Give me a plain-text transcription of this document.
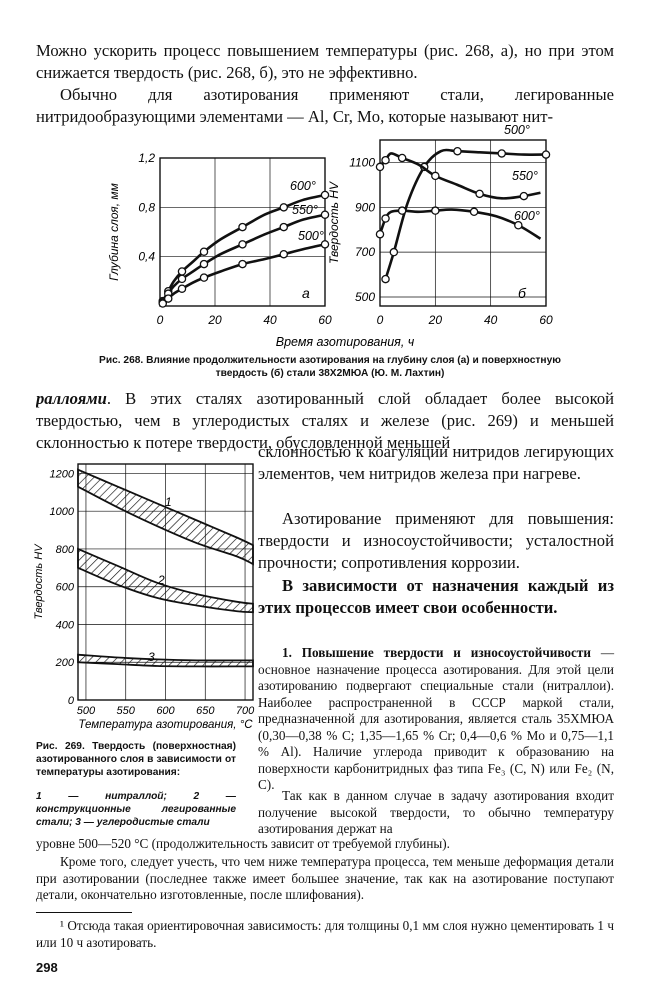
Можно ускорить процесс повышением температуры (рис. 268, а), но при этом снижается твердость (рис. 268, б), это не эффективно.

Обычно для азотирования применяют стали, легированные нитридообразующими элементами — Al, Cr, Mo, которые называют нит-

0	20	40	60
0,4
0,8
1,2
Глубина слоя, мм	600°
550°
500°
а
0	20	40	60
500
700
900
1100
Твердость HV
500°
550°
600°
б
Время азотирования, ч

Рис. 268. Влияние продолжительности азотирования на глубину слоя (а) и поверхностную твердость (б) стали 38Х2МЮА (Ю. М. Лахтин)

раллоями. В этих сталях азотированный слой обладает более высокой твердостью, чем в углеродистых сталях и железе (рис. 269) и меньшей склонностью к потере твердости, обусловленной меньшей

500 550 600 650 700
0
200
400
600
800
1000
1200
Твердость HV
Температура азотирования, °С
1
2
3

Рис. 269. Твердость (поверхностная) азотированного слоя в зависимости от температуры азотирования:

1 — нитраллой; 2 — конструкционные легированные стали; 3 — углеродистые стали

склонностью к коагуляции нитридов легирующих элементов, чем нитридов железа при нагреве.

Азотирование применяют для повышения: твердости и износоустойчивости; усталостной прочности; сопротивления коррозии.

В зависимости от назначения каждый из этих процессов имеет свои особенности.

1. Повышение твердости и износоустойчивости — основное назначение процесса азотирования. Для этой цели азотированию подвергают специальные стали (нитраллои). Наиболее распространенной в СССР маркой стали, предназначенной для азотирования, является сталь 35ХМЮА (0,30—0,38 % С; 1,35—1,65 % Cr; 0,4—0,6 % Mo и 0,75—1,1 % Al). Наличие углерода приводит к образованию на поверхности карбонитридных фаз типа Fe₃ (C, N) или Fe₂ (N, C).

Так как в данном случае в задачу азотирования входит получение высокой твердости, то обычно температуру азотирования держат на

уровне 500—520 °С (продолжительность зависит от требуемой глубины).

Кроме того, следует учесть, что чем ниже температура процесса, тем меньше деформация детали при азотировании (последнее также имеет большее значение, так как на азотирование поступают детали, окончательно изготовленные, после шлифования).

¹ Отсюда такая ориентировочная зависимость: для толщины 0,1 мм слоя нужно цементировать 1 ч или 10 ч азотировать.

298
